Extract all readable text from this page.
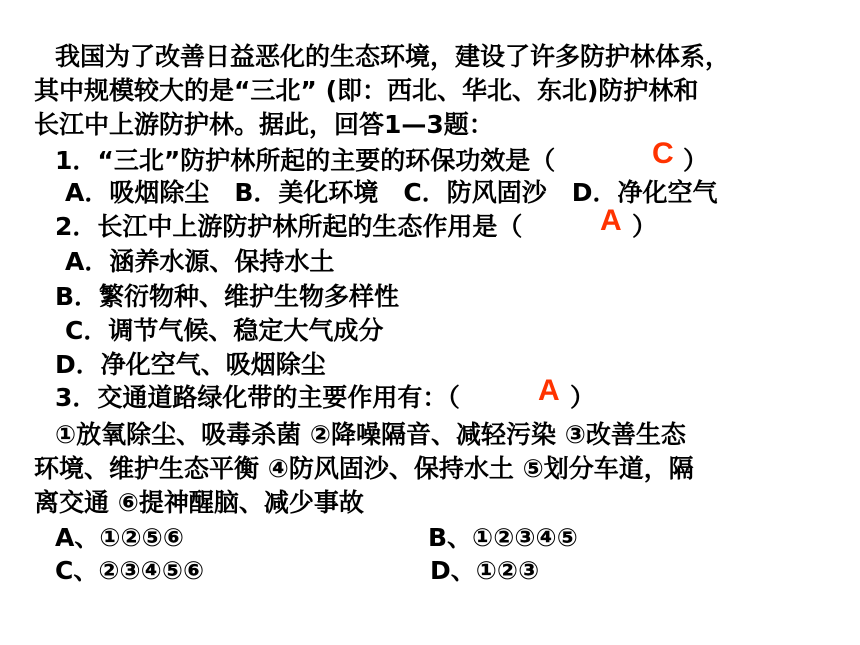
我国为了改善日益恶化的生态环境，建设了许多防护林体系，
其中规模较大的是“三北” (即：西北、华北、东北)防护林和
长江中上游防护林。据此，回答1—3题：
1．“三北”防护林所起的主要的环保功效是（	C ）
A．吸烟除尘　B．美化环境　C．防风固沙　D．净化空气
2．长江中上游防护林所起的生态作用是（	A ）
A．涵养水源、保持水土
B．繁衍物种、维护生物多样性
C．调节气候、稳定大气成分
D．净化空气、吸烟除尘
3．交通道路绿化带的主要作用有：（	A ）
①放氧除尘、吸毒杀菌 ②降噪隔音、减轻污染 ③改善生态
环境、维护生态平衡 ④防风固沙、保持水土 ⑤划分车道，隔
离交通 ⑥提神醒脑、减少事故
A、①②⑤⑥	B、①②③④⑤
C、②③④⑤⑥	D、①②③
